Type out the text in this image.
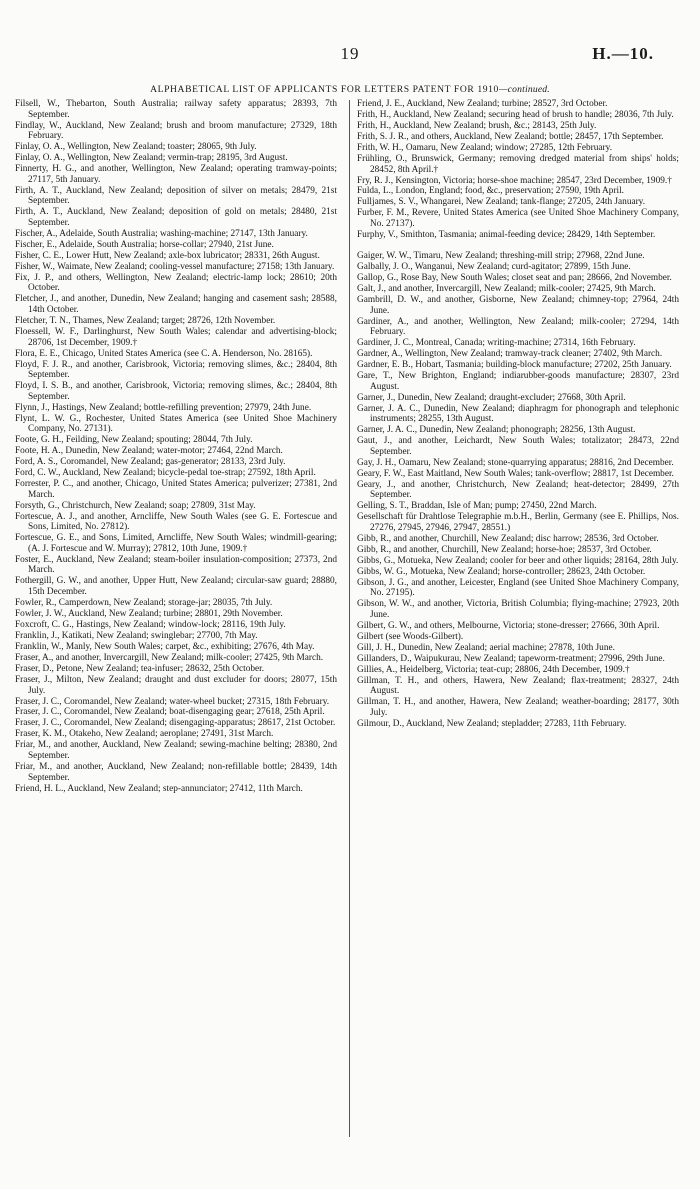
19	H.—10.
ALPHABETICAL LIST OF APPLICANTS FOR LETTERS PATENT FOR 1910—continued.

Filsell, W., Thebarton, South Australia; railway safety apparatus; 28393, 7th September.

Findlay, W., Auckland, New Zealand; brush and broom manufacture; 27329, 18th February.

Finlay, O. A., Wellington, New Zealand; toaster; 28065, 9th July.

Finlay, O. A., Wellington, New Zealand; vermin-trap; 28195, 3rd August.

Finnerty, H. G., and another, Wellington, New Zealand; operating tramway-points; 27117, 5th January.

Firth, A. T., Auckland, New Zealand; deposition of silver on metals; 28479, 21st September.

Firth, A. T., Auckland, New Zealand; deposition of gold on metals; 28480, 21st September.

Fischer, A., Adelaide, South Australia; washing-machine; 27147, 13th January.

Fischer, E., Adelaide, South Australia; horse-collar; 27940, 21st June.

Fisher, C. E., Lower Hutt, New Zealand; axle-box lubricator; 28331, 26th August.

Fisher, W., Waimate, New Zealand; cooling-vessel manufacture; 27158; 13th January.

Fix, J. P., and others, Wellington, New Zealand; electric-lamp lock; 28610; 20th October.

Fletcher, J., and another, Dunedin, New Zealand; hanging and casement sash; 28588, 14th October.

Fletcher, T. N., Thames, New Zealand; target; 28726, 12th November.

Floessell, W. F., Darlinghurst, New South Wales; calendar and advertising-block; 28706, 1st December, 1909.†

Flora, E. E., Chicago, United States America (see C. A. Henderson, No. 28165).

Floyd, F. J. R., and another, Carisbrook, Victoria; removing slimes, &c.; 28404, 8th September.

Floyd, I. S. B., and another, Carisbrook, Victoria; removing slimes, &c.; 28404, 8th September.

Flynn, J., Hastings, New Zealand; bottle-refilling prevention; 27979, 24th June.

Flynt, L. W. G., Rochester, United States America (see United Shoe Machinery Company, No. 27131).

Foote, G. H., Feilding, New Zealand; spouting; 28044, 7th July.

Foote, H. A., Dunedin, New Zealand; water-motor; 27464, 22nd March.

Ford, A. S., Coromandel, New Zealand; gas-generator; 28133, 23rd July.

Ford, C. W., Auckland, New Zealand; bicycle-pedal toe-strap; 27592, 18th April.

Forrester, P. C., and another, Chicago, United States America; pulverizer; 27381, 2nd March.

Forsyth, G., Christchurch, New Zealand; soap; 27809, 31st May.

Fortescue, A. J., and another, Arncliffe, New South Wales (see G. E. Fortescue and Sons, Limited, No. 27812).

Fortescue, G. E., and Sons, Limited, Arncliffe, New South Wales; windmill-gearing; (A. J. Fortescue and W. Murray); 27812, 10th June, 1909.†

Foster, E., Auckland, New Zealand; steam-boiler insulation-composition; 27373, 2nd March.

Fothergill, G. W., and another, Upper Hutt, New Zealand; circular-saw guard; 28880, 15th December.

Fowler, R., Camperdown, New Zealand; storage-jar; 28035, 7th July.

Fowler, J. W., Auckland, New Zealand; turbine; 28801, 29th November.

Foxcroft, C. G., Hastings, New Zealand; window-lock; 28116, 19th July.

Franklin, J., Katikati, New Zealand; swinglebar; 27700, 7th May.

Franklin, W., Manly, New South Wales; carpet, &c., exhibiting; 27676, 4th May.

Fraser, A., and another, Invercargill, New Zealand; milk-cooler; 27425, 9th March.

Fraser, D., Petone, New Zealand; tea-infuser; 28632, 25th October.

Fraser, J., Milton, New Zealand; draught and dust excluder for doors; 28077, 15th July.

Fraser, J. C., Coromandel, New Zealand; water-wheel bucket; 27315, 18th February.

Fraser, J. C., Coromandel, New Zealand; boat-disengaging gear; 27618, 25th April.

Fraser, J. C., Coromandel, New Zealand; disengaging-apparatus; 28617, 21st October.

Fraser, K. M., Otakeho, New Zealand; aeroplane; 27491, 31st March.

Friar, M., and another, Auckland, New Zealand; sewing-machine belting; 28380, 2nd September.

Friar, M., and another, Auckland, New Zealand; non-refillable bottle; 28439, 14th September.

Friend, H. L., Auckland, New Zealand; step-annunciator; 27412, 11th March.

Friend, J. E., Auckland, New Zealand; turbine; 28527, 3rd October.

Frith, H., Auckland, New Zealand; securing head of brush to handle; 28036, 7th July.

Frith, H., Auckland, New Zealand; brush, &c.; 28143, 25th July.

Frith, S. J. R., and others, Auckland, New Zealand; bottle; 28457, 17th September.

Frith, W. H., Oamaru, New Zealand; window; 27285, 12th February.

Frühling, O., Brunswick, Germany; removing dredged material from ships' holds; 28452, 8th April.†

Fry, R. J., Kensington, Victoria; horse-shoe machine; 28547, 23rd December, 1909.†

Fulda, L., London, England; food, &c., preservation; 27590, 19th April.

Fulljames, S. V., Whangarei, New Zealand; tank-flange; 27205, 24th January.

Furber, F. M., Revere, United States America (see United Shoe Machinery Company, No. 27137).

Furphy, V., Smithton, Tasmania; animal-feeding device; 28429, 14th September.

Gaiger, W. W., Timaru, New Zealand; threshing-mill strip; 27968, 22nd June.

Galbally, J. O., Wanganui, New Zealand; curd-agitator; 27899, 15th June.

Gallop, G., Rose Bay, New South Wales; closet seat and pan; 28666, 2nd November.

Galt, J., and another, Invercargill, New Zealand; milk-cooler; 27425, 9th March.

Gambrill, D. W., and another, Gisborne, New Zealand; chimney-top; 27964, 24th June.

Gardiner, A., and another, Wellington, New Zealand; milk-cooler; 27294, 14th February.

Gardiner, J. C., Montreal, Canada; writing-machine; 27314, 16th February.

Gardner, A., Wellington, New Zealand; tramway-track cleaner; 27402, 9th March.

Gardner, E. B., Hobart, Tasmania; building-block manufacture; 27202, 25th January.

Gare, T., New Brighton, England; indiarubber-goods manufacture; 28307, 23rd August.

Garner, J., Dunedin, New Zealand; draught-excluder; 27668, 30th April.

Garner, J. A. C., Dunedin, New Zealand; diaphragm for phonograph and telephonic instruments; 28255, 13th August.

Garner, J. A. C., Dunedin, New Zealand; phonograph; 28256, 13th August.

Gaut, J., and another, Leichardt, New South Wales; totalizator; 28473, 22nd September.

Gay, J. H., Oamaru, New Zealand; stone-quarrying apparatus; 28816, 2nd December.

Geary, F. W., East Maitland, New South Wales; tank-overflow; 28817, 1st December.

Geary, J., and another, Christchurch, New Zealand; heat-detector; 28499, 27th September.

Gelling, S. T., Braddan, Isle of Man; pump; 27450, 22nd March.

Gesellschaft für Drahtlose Telegraphie m.b.H., Berlin, Germany (see E. Phillips, Nos. 27276, 27945, 27946, 27947, 28551.)

Gibb, R., and another, Churchill, New Zealand; disc harrow; 28536, 3rd October.

Gibb, R., and another, Churchill, New Zealand; horse-hoe; 28537, 3rd October.

Gibbs, G., Motueka, New Zealand; cooler for beer and other liquids; 28164, 28th July.

Gibbs, W. G., Motueka, New Zealand; horse-controller; 28623, 24th October.

Gibson, J. G., and another, Leicester, England (see United Shoe Machinery Company, No. 27195).

Gibson, W. W., and another, Victoria, British Columbia; flying-machine; 27923, 20th June.

Gilbert, G. W., and others, Melbourne, Victoria; stone-dresser; 27666, 30th April.

Gilbert (see Woods-Gilbert).

Gill, J. H., Dunedin, New Zealand; aerial machine; 27878, 10th June.

Gillanders, D., Waipukurau, New Zealand; tapeworm-treatment; 27996, 29th June.

Gillies, A., Heidelberg, Victoria; teat-cup; 28806, 24th December, 1909.†

Gillman, T. H., and others, Hawera, New Zealand; flax-treatment; 28327, 24th August.

Gillman, T. H., and another, Hawera, New Zealand; weather-boarding; 28177, 30th July.

Gilmour, D., Auckland, New Zealand; stepladder; 27283, 11th February.
